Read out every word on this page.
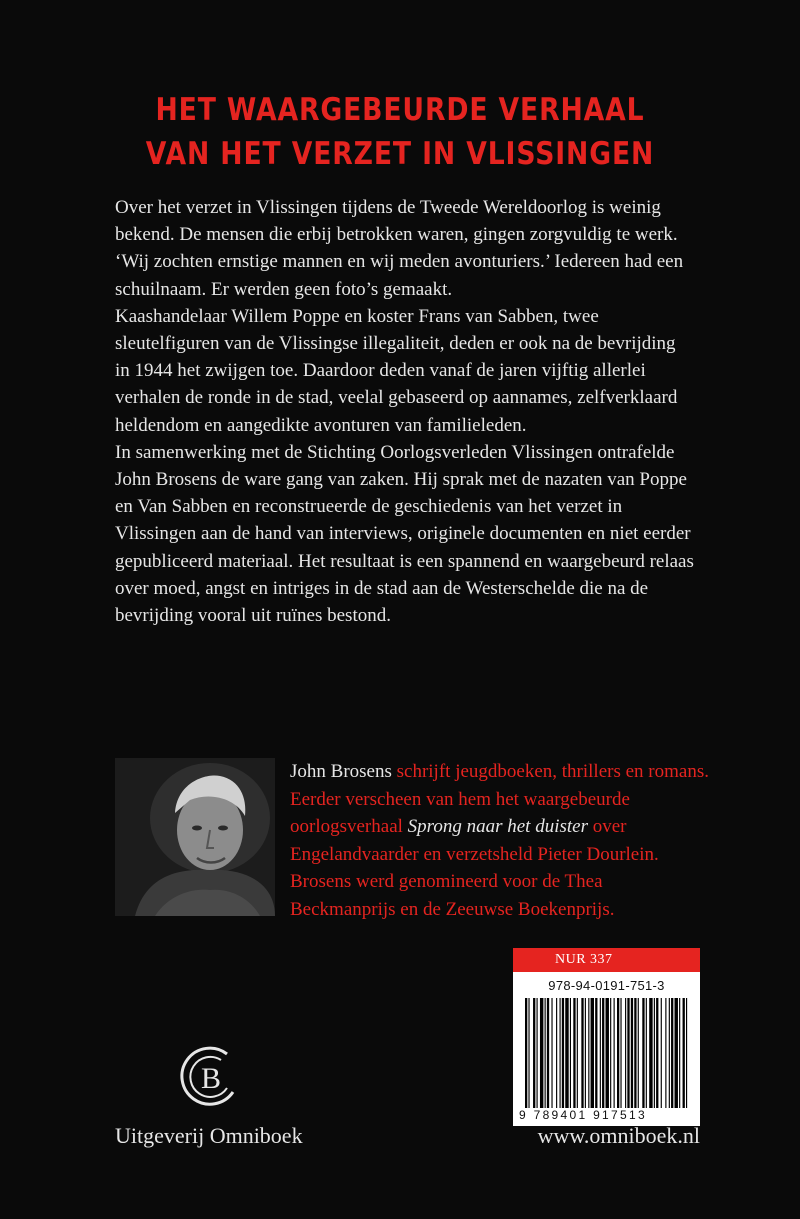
HET WAARGEBEURDE VERHAAL
VAN HET VERZET IN VLISSINGEN

Over het verzet in Vlissingen tijdens de Tweede Wereldoorlog is weinig bekend. De mensen die erbij betrokken waren, gingen zorgvuldig te werk. ‘Wij zochten ernstige mannen en wij meden avonturiers.’ Iedereen had een schuilnaam. Er werden geen foto’s gemaakt.

Kaashandelaar Willem Poppe en koster Frans van Sabben, twee sleutelfiguren van de Vlissingse illegaliteit, deden er ook na de bevrijding in 1944 het zwijgen toe. Daardoor deden vanaf de jaren vijftig allerlei verhalen de ronde in de stad, veelal gebaseerd op aannames, zelfverklaard heldendom en aangedikte avonturen van familieleden.

In samenwerking met de Stichting Oorlogsverleden Vlissingen ontrafelde John Brosens de ware gang van zaken. Hij sprak met de nazaten van Poppe en Van Sabben en reconstrueerde de geschiedenis van het verzet in Vlissingen aan de hand van interviews, originele documenten en niet eerder gepubliceerd materiaal. Het resultaat is een spannend en waargebeurd relaas over moed, angst en intriges in de stad aan de Westerschelde die na de bevrijding vooral uit ruïnes bestond.

John Brosens schrijft jeugdboeken, thrillers en romans. Eerder verscheen van hem het waargebeurde oorlogsverhaal Sprong naar het duister over Engelandvaarder en verzetsheld Pieter Dourlein. Brosens werd genomineerd voor de Thea Beckmanprijs en de Zeeuwse Boekenprijs.
NUR 337
978-94-0191-751-3
9 789401 917513
B
Uitgeverij Omniboek	www.omniboek.nl
